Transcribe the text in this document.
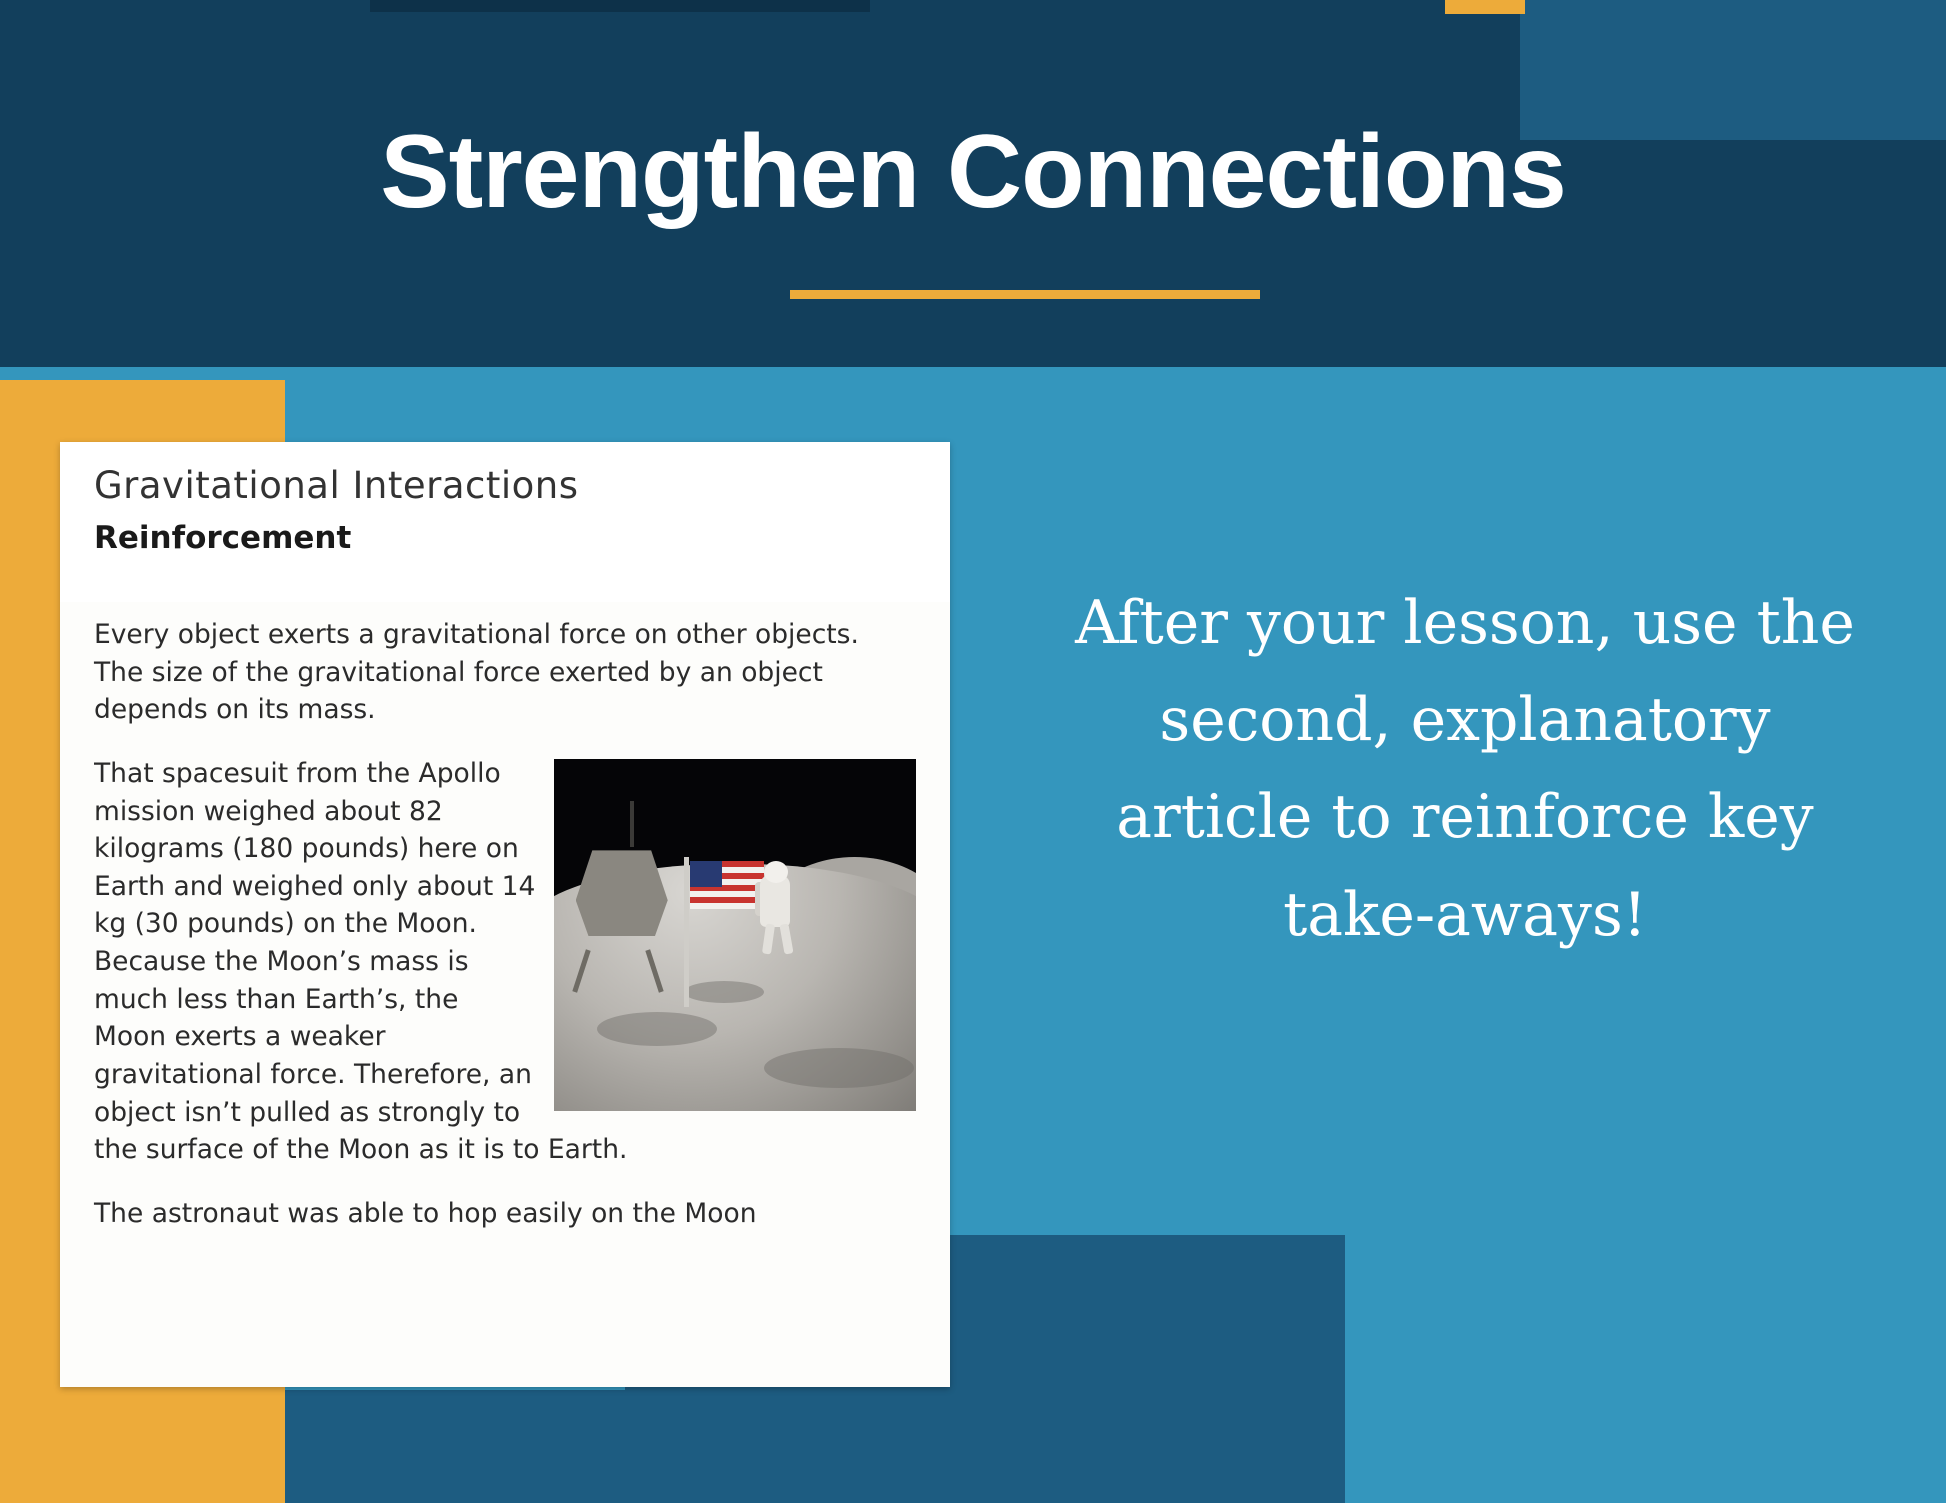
Strengthen Connections
Gravitational Interactions
Reinforcement

Every object exerts a gravitational force on other objects. The size of the gravitational force exerted by an object depends on its mass.

That spacesuit from the Apollo mission weighed about 82 kilograms (180 pounds) here on Earth and weighed only about 14 kg (30 pounds) on the Moon. Because the Moon’s mass is much less than Earth’s, the Moon exerts a weaker gravitational force. Therefore, an object isn’t pulled as strongly to the surface of the Moon as it is to Earth.

The astronaut was able to hop easily on the Moon

After your lesson, use the second, explanatory article to reinforce key take-aways!
